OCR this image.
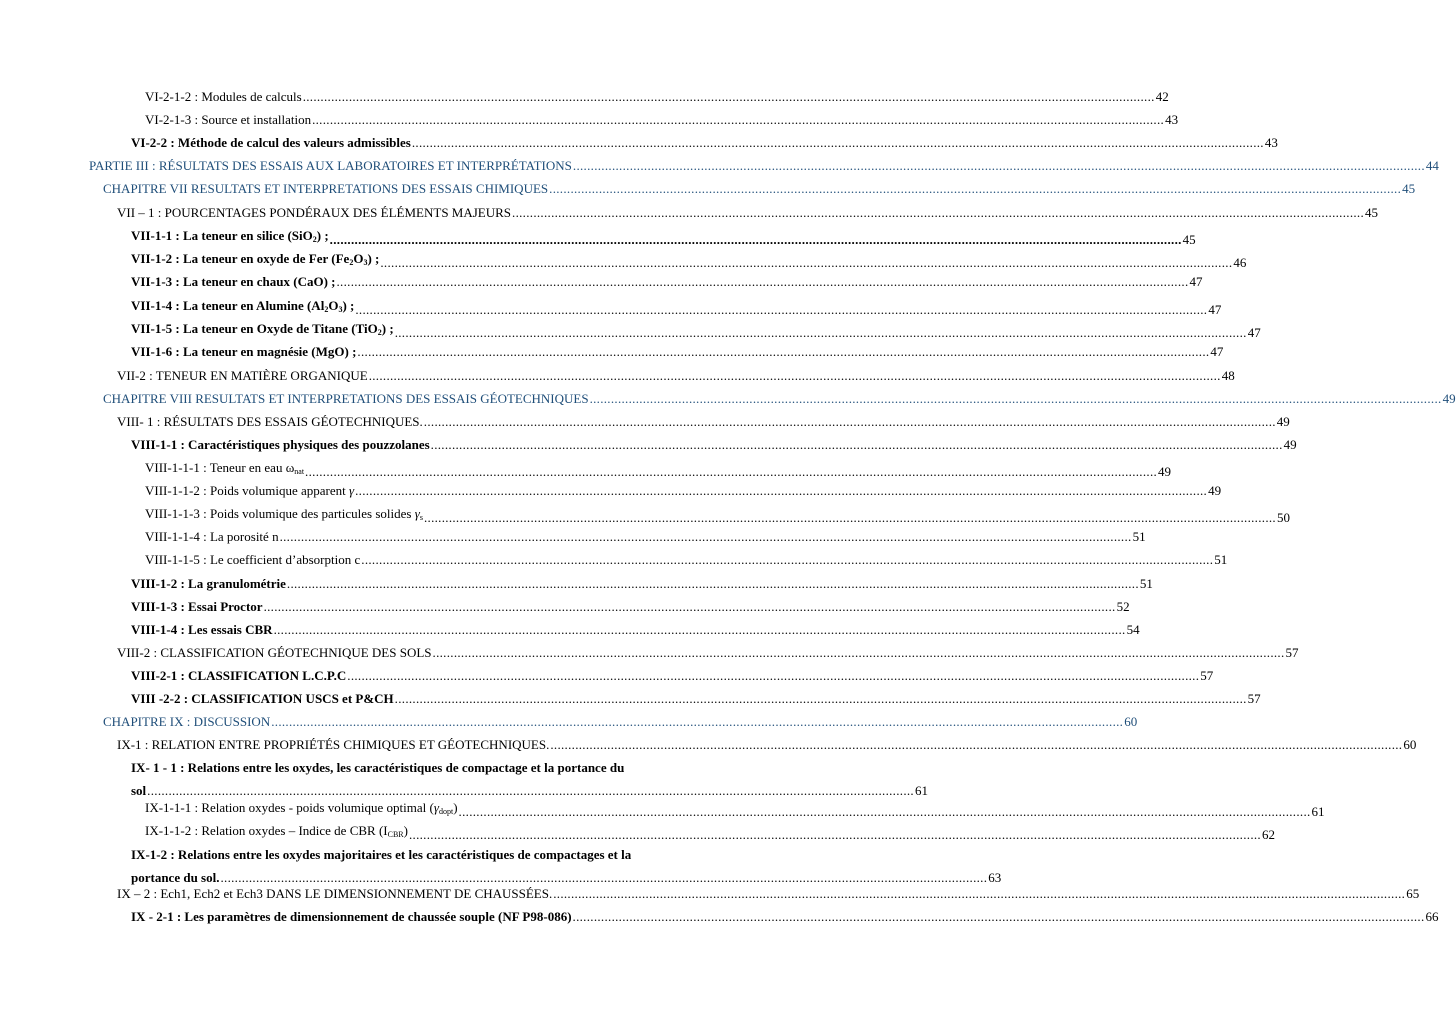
VI-2-1-2 : Modules de calculs .....	42
VI-2-1-3 : Source et installation .....	43
VI-2-2 : Méthode de calcul des valeurs admissibles .....	43
PARTIE III : RÉSULTATS DES ESSAIS AUX LABORATOIRES ET INTERPRÉTATIONS .....	44
CHAPITRE VII RESULTATS ET INTERPRETATIONS DES ESSAIS CHIMIQUES .....	45
VII – 1 : POURCENTAGES PONDÉRAUX DES ÉLÉMENTS MAJEURS .....	45
VII-1-1 : La teneur en silice (SiO$_2$) ; .....	45
VII-1-2 : La teneur en oxyde de Fer $(Fe_2O_3)$ ; .....	46
VII-1-3 : La teneur en chaux (CaO) ; .....	47
VII-1-4 : La teneur en Alumine $(Al_2O_3)$ ; .....	47
VII-1-5 : La teneur en Oxyde de Titane (TiO$_2$) ; .....	47
VII-1-6 : La teneur en magnésie (MgO) ; .....	47
VII-2 : TENEUR EN MATIÈRE ORGANIQUE .....	48
CHAPITRE VIII RESULTATS ET INTERPRETATIONS DES ESSAIS GÉOTECHNIQUES .....	49
VIII- 1 : RÉSULTATS DES ESSAIS GÉOTECHNIQUES. .....	49
VIII-1-1 : Caractéristiques physiques des pouzzolanes .....	49
VIII-1-1-1 : Teneur en eau $\omega_{nat}$ .....	49
VIII-1-1-2 : Poids volumique apparent γ .....	49
VIII-1-1-3 : Poids volumique des particules solides $\gamma_s$ .....	50
VIII-1-1-4 : La porosité n .....	51
VIII-1-1-5 : Le coefficient d’absorption c .....	51
VIII-1-2 : La granulométrie .....	51
VIII-1-3 : Essai Proctor .....	52
VIII-1-4 : Les essais CBR .....	54
VIII-2 : CLASSIFICATION GÉOTECHNIQUE DES SOLS .....	57
VIII-2-1 : CLASSIFICATION L.C.P.C .....	57
VIII -2-2 : CLASSIFICATION USCS et P&CH .....	57
CHAPITRE IX : DISCUSSION .....	60
IX-1 : RELATION ENTRE PROPRIÉTÉS CHIMIQUES ET GÉOTECHNIQUES. .....	60
IX- 1 - 1 : Relations entre les oxydes, les caractéristiques de compactage et la portance du
sol ........................................................................................................................................................................................................................ 61
IX-1-1-1 : Relation oxydes - poids volumique optimal $(\gamma_{dopt})$ .....	61
IX-1-1-2 : Relation oxydes – Indice de CBR $(I_{CBR})$ .....	62
IX-1-2 : Relations entre les oxydes majoritaires et les caractéristiques de compactages et la
portance du sol. ........................................................................................................................................................................................................................ 63
IX – 2 : Ech1, Ech2 et Ech3 DANS LE DIMENSIONNEMENT DE CHAUSSÉES. .....	65
IX - 2-1 : Les paramètres de dimensionnement de chaussée souple (NF P98-086) .....	66
